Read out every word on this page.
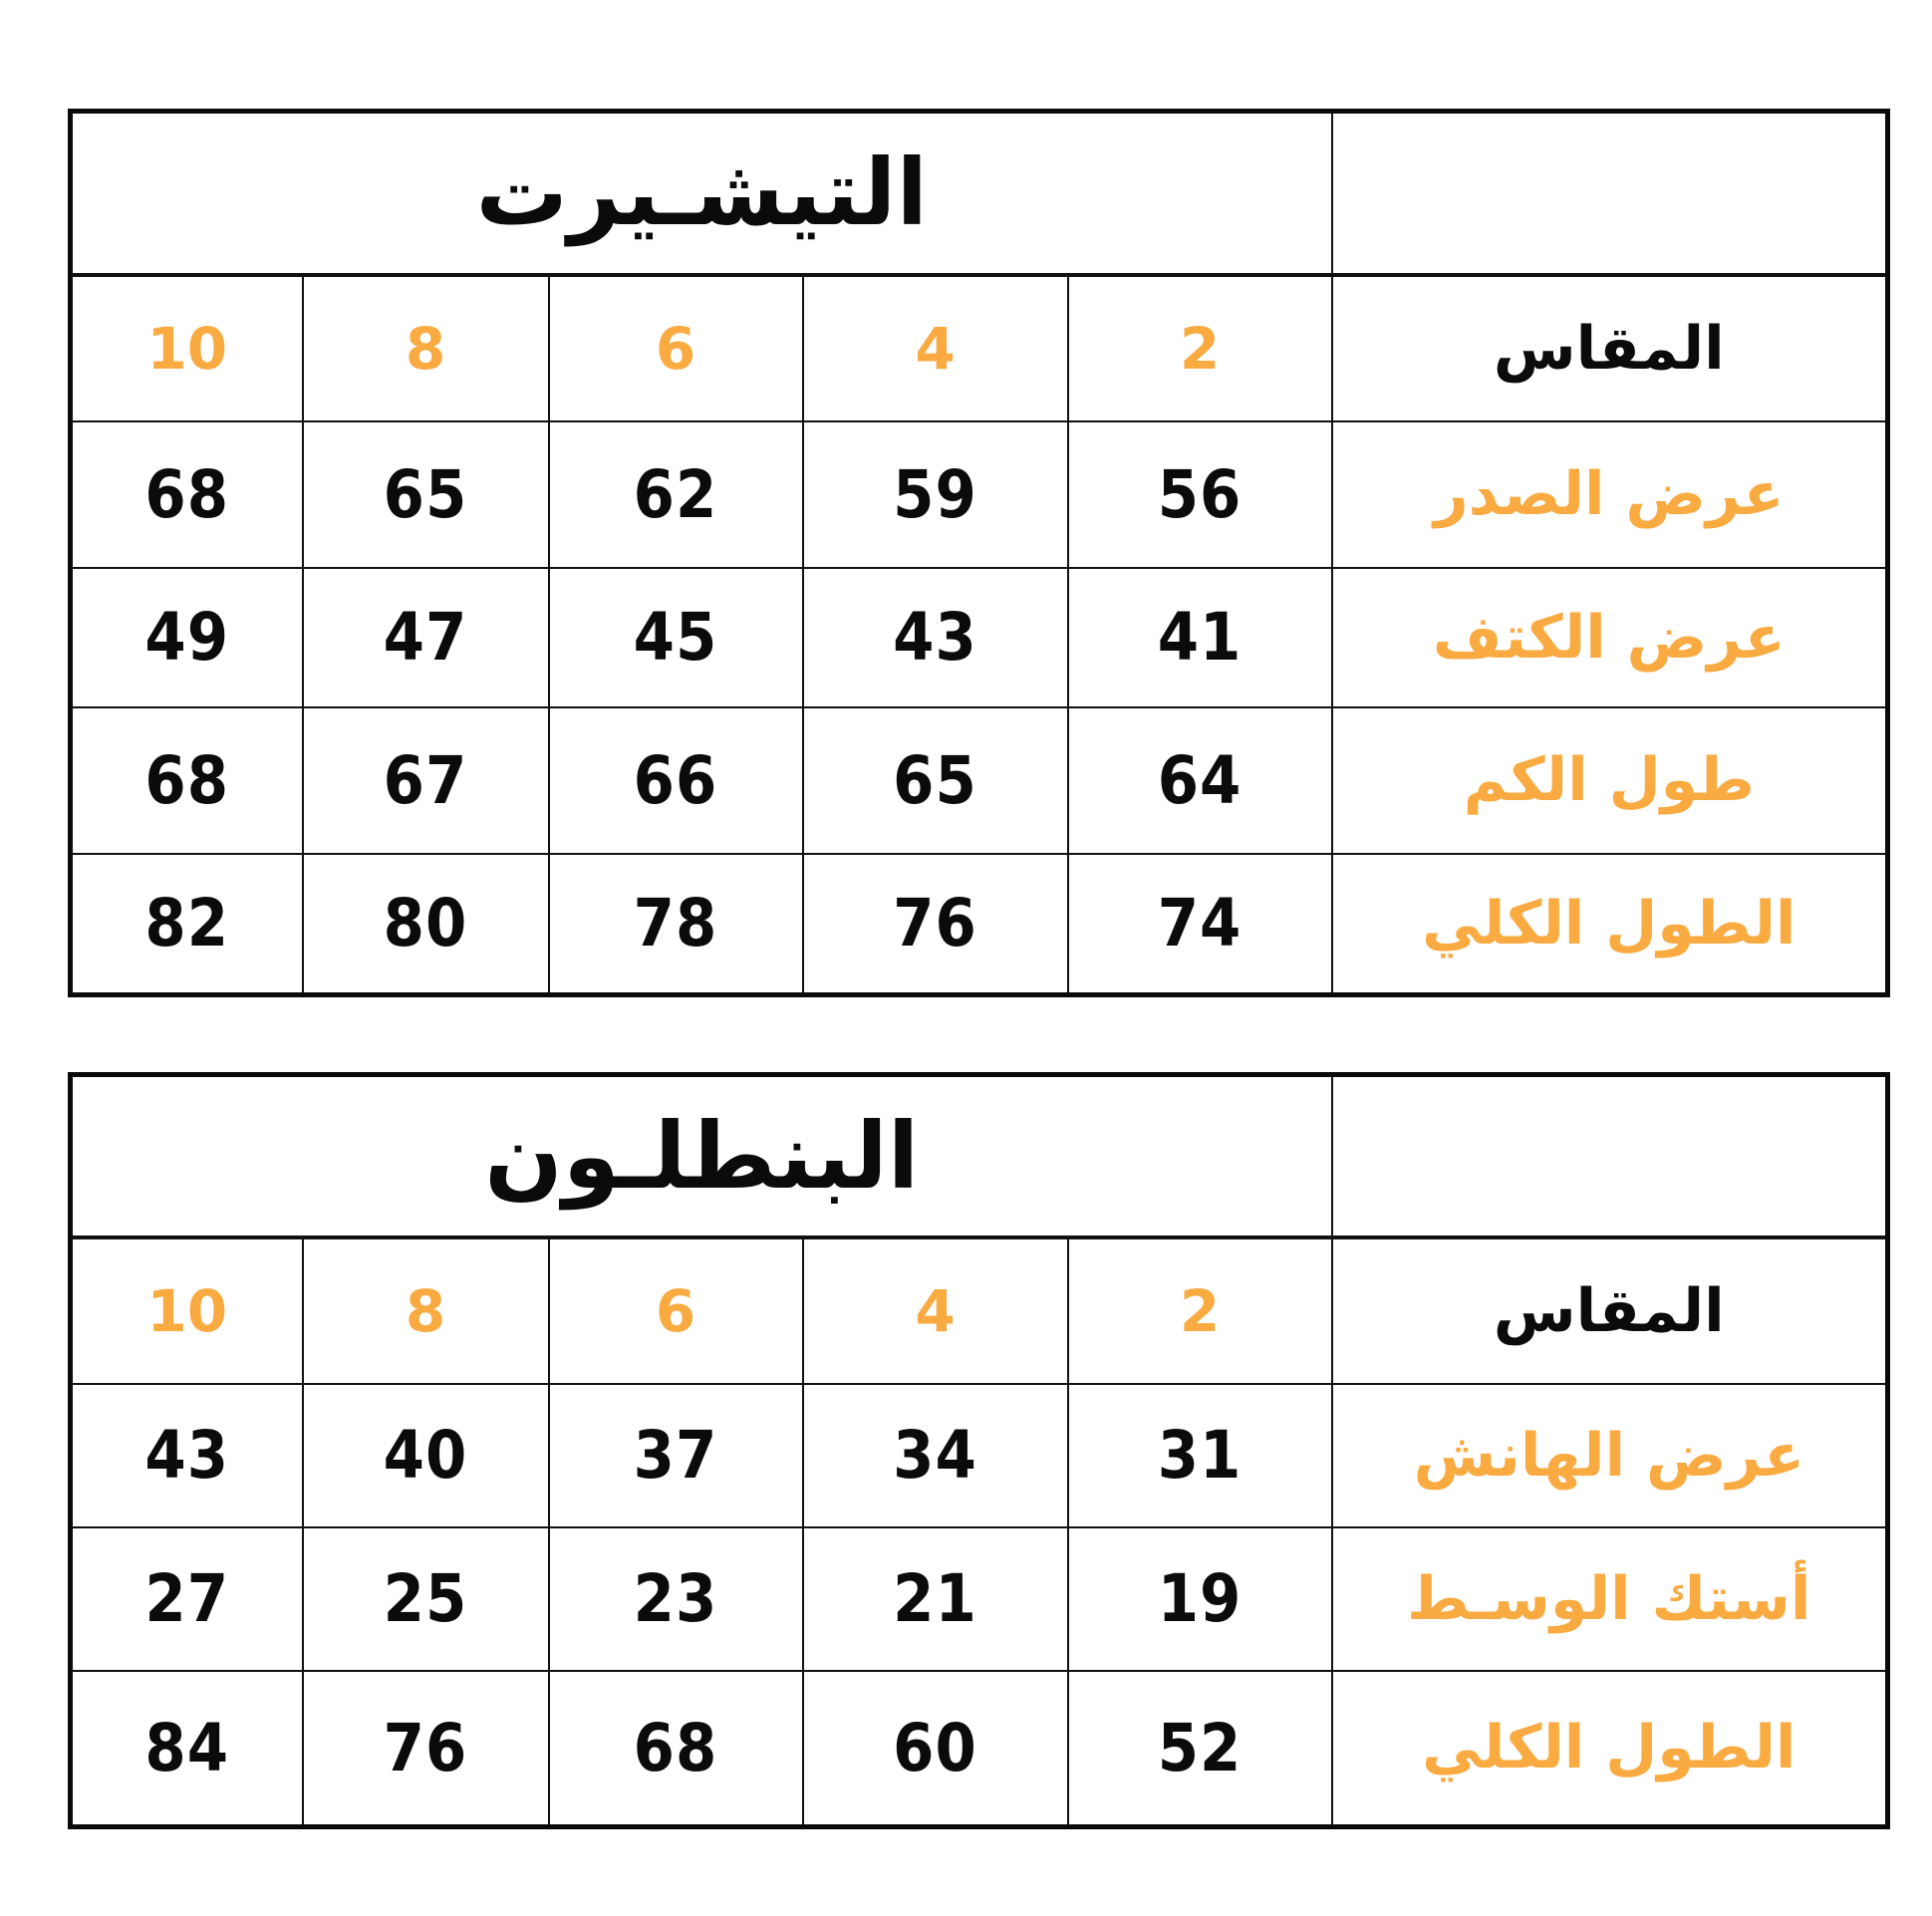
التيشـيرت					
10	8	6	4	2	المقاس
68	65	62	59	56	عرض الصدر
49	47	45	43	41	عرض الكتف
68	67	66	65	64	طول الكم
82	80	78	76	74	الطول الكلي
البنطلـون					
10	8	6	4	2	المقاس
43	40	37	34	31	عرض الهانش
27	25	23	21	19	أستك الوسـط
84	76	68	60	52	الطول الكلي
